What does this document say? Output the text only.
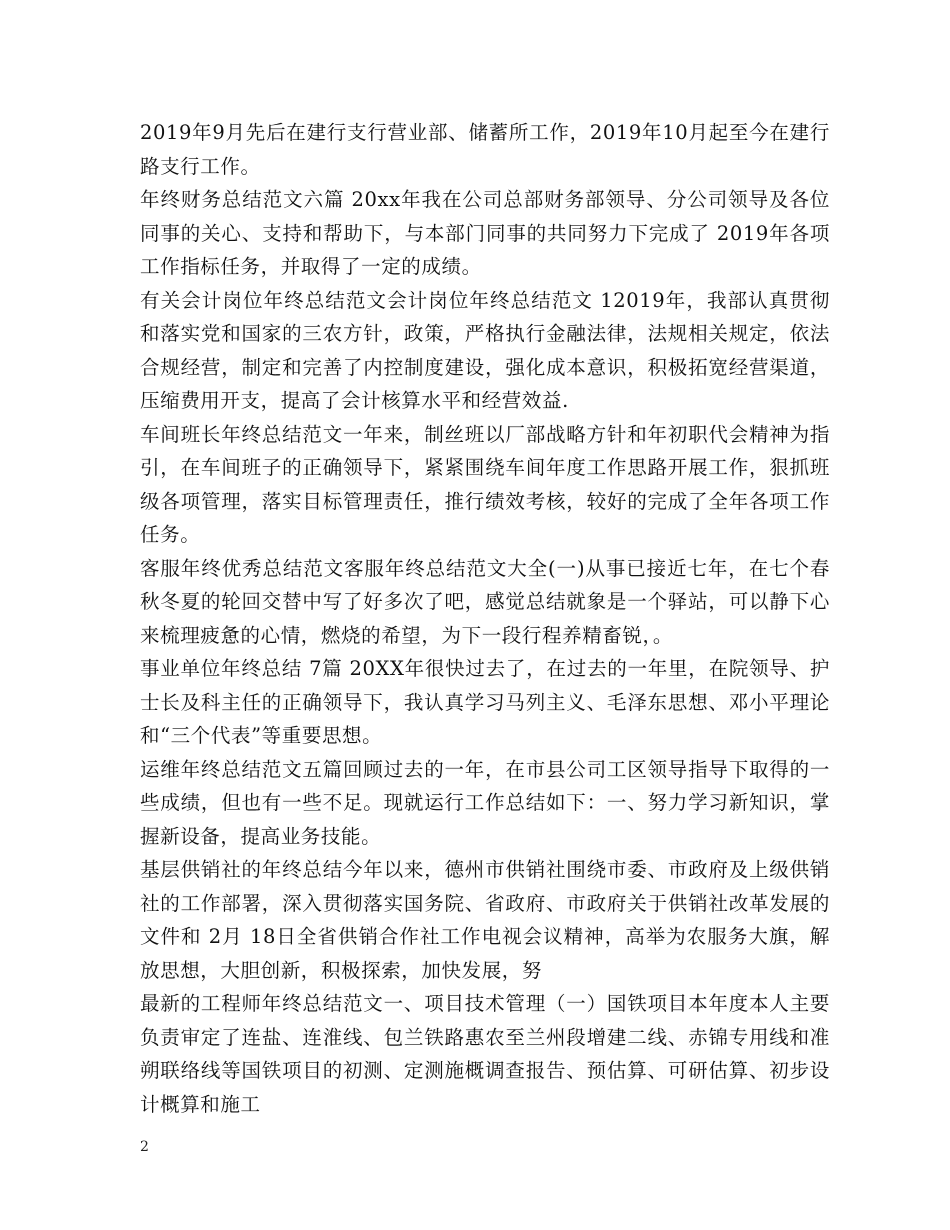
2019年9月先后在建行支行营业部、储蓄所工作，2019年10月起至今在建行路支行工作。

年终财务总结范文六篇 20xx年我在公司总部财务部领导、分公司领导及各位同事的关心、支持和帮助下，与本部门同事的共同努力下完成了 2019年各项工作指标任务，并取得了一定的成绩。

有关会计岗位年终总结范文会计岗位年终总结范文 12019年，我部认真贯彻和落实党和国家的三农方针，政策，严格执行金融法律，法规相关规定，依法合规经营，制定和完善了内控制度建设，强化成本意识，积极拓宽经营渠道，压缩费用开支，提高了会计核算水平和经营效益.

车间班长年终总结范文一年来，制丝班以厂部战略方针和年初职代会精神为指引，在车间班子的正确领导下，紧紧围绕车间年度工作思路开展工作，狠抓班级各项管理，落实目标管理责任，推行绩效考核，较好的完成了全年各项工作任务。

客服年终优秀总结范文客服年终总结范文大全(一)从事已接近七年，在七个春秋冬夏的轮回交替中写了好多次了吧，感觉总结就象是一个驿站，可以静下心来梳理疲惫的心情，燃烧的希望，为下一段行程养精畜锐，。

事业单位年终总结 7篇 20XX年很快过去了，在过去的一年里，在院领导、护士长及科主任的正确领导下，我认真学习马列主义、毛泽东思想、邓小平理论和“三个代表”等重要思想。

运维年终总结范文五篇回顾过去的一年，在市县公司工区领导指导下取得的一些成绩，但也有一些不足。现就运行工作总结如下：一、努力学习新知识，掌握新设备，提高业务技能。

基层供销社的年终总结今年以来，德州市供销社围绕市委、市政府及上级供销社的工作部署，深入贯彻落实国务院、省政府、市政府关于供销社改革发展的文件和 2月 18日全省供销合作社工作电视会议精神，高举为农服务大旗，解放思想，大胆创新，积极探索，加快发展，努

最新的工程师年终总结范文一、项目技术管理（一）国铁项目本年度本人主要负责审定了连盐、连淮线、包兰铁路惠农至兰州段增建二线、赤锦专用线和准朔联络线等国铁项目的初测、定测施概调查报告、预估算、可研估算、初步设计概算和施工

2
